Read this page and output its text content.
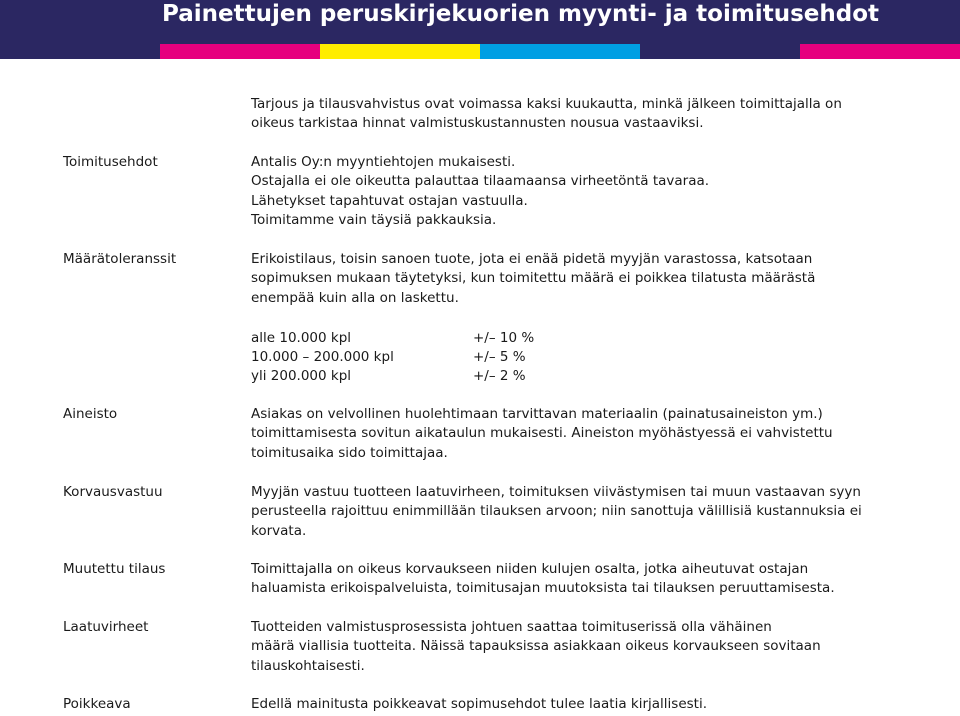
Painettujen peruskirjekuorien myynti- ja toimitusehdot
Tarjous ja tilausvahvistus ovat voimassa kaksi kuukautta, minkä jälkeen toimittajalla on
oikeus tarkistaa hinnat valmistuskustannusten nousua vastaaviksi.
Toimitusehdot	Antalis Oy:n myyntiehtojen mukaisesti.
Ostajalla ei ole oikeutta palauttaa tilaamaansa virheetöntä tavaraa.
Lähetykset tapahtuvat ostajan vastuulla.
Toimitamme vain täysiä pakkauksia.
Määrätoleranssit	Erikoistilaus, toisin sanoen tuote, jota ei enää pidetä myyjän varastossa, katsotaan
sopimuksen mukaan täytetyksi, kun toimitettu määrä ei poikkea tilatusta määrästä
enempää kuin alla on laskettu.
alle 10.000 kpl	+/– 10 %
10.000 – 200.000 kpl	+/– 5 %
yli 200.000 kpl	+/– 2 %
Aineisto	Asiakas on velvollinen huolehtimaan tarvittavan materiaalin (painatusaineiston ym.)
toimittamisesta sovitun aikataulun mukaisesti. Aineiston myöhästyessä ei vahvistettu
toimitusaika sido toimittajaa.
Korvausvastuu	Myyjän vastuu tuotteen laatuvirheen, toimituksen viivästymisen tai muun vastaavan syyn
perusteella rajoittuu enimmillään tilauksen arvoon; niin sanottuja välillisiä kustannuksia ei
korvata.
Muutettu tilaus	Toimittajalla on oikeus korvaukseen niiden kulujen osalta, jotka aiheutuvat ostajan
haluamista erikoispalveluista, toimitusajan muutoksista tai tilauksen peruuttamisesta.
Laatuvirheet	Tuotteiden valmistusprosessista johtuen saattaa toimituserissä olla vähäinen
määrä viallisia tuotteita. Näissä tapauksissa asiakkaan oikeus korvaukseen sovitaan
tilauskohtaisesti.
Poikkeava	Edellä mainitusta poikkeavat sopimusehdot tulee laatia kirjallisesti.
